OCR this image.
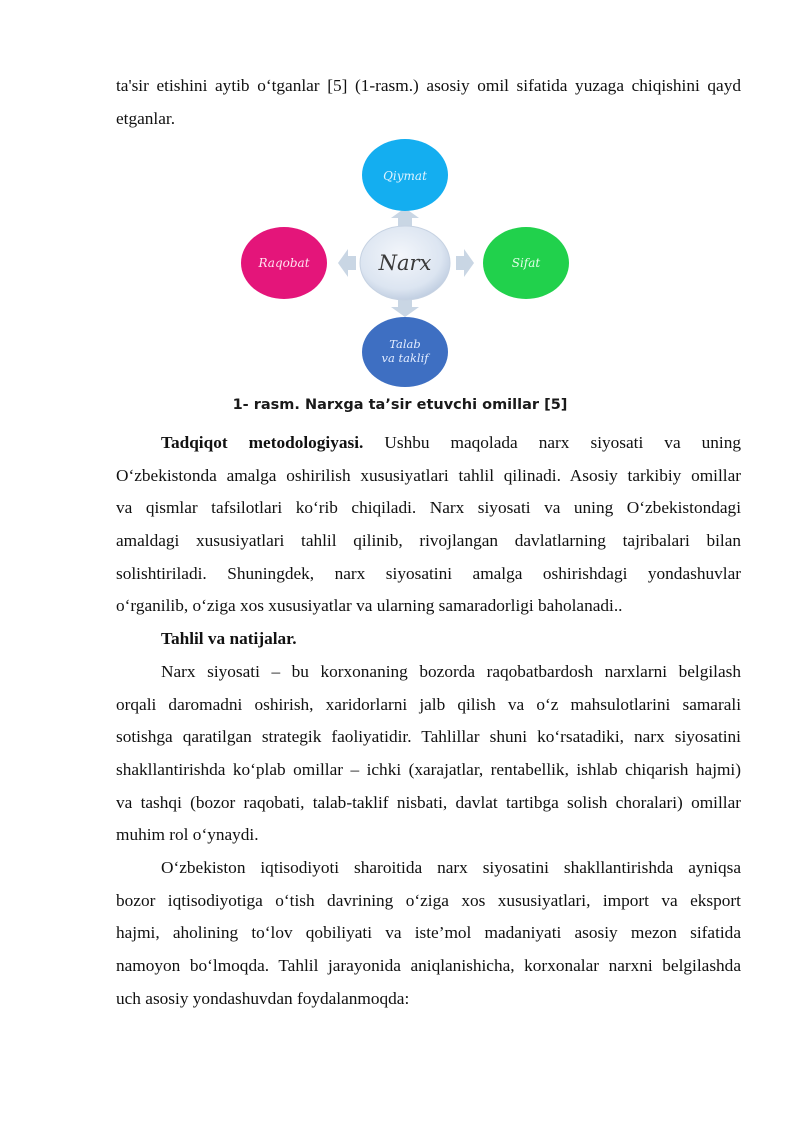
ta'sir etishini aytib o‘tganlar [5] (1-rasm.) asosiy omil sifatida yuzaga chiqishini qayd
etganlar.
Qiymat
Sifat
Talab
va taklif
Raqobat	Narx
1- rasm. Narxga ta’sir etuvchi omillar [5]
Tadqiqot metodologiyasi. Ushbu maqolada narx siyosati va uning
O‘zbekistonda amalga oshirilish xususiyatlari tahlil qilinadi. Asosiy tarkibiy omillar
va qismlar tafsilotlari ko‘rib chiqiladi. Narx siyosati va uning O‘zbekistondagi
amaldagi xususiyatlari tahlil qilinib, rivojlangan davlatlarning tajribalari bilan
solishtiriladi. Shuningdek, narx siyosatini amalga oshirishdagi yondashuvlar
o‘rganilib, o‘ziga xos xususiyatlar va ularning samaradorligi baholanadi..
Tahlil va natijalar.
Narx siyosati – bu korxonaning bozorda raqobatbardosh narxlarni belgilash
orqali daromadni oshirish, xaridorlarni jalb qilish va o‘z mahsulotlarini samarali
sotishga qaratilgan strategik faoliyatidir. Tahlillar shuni ko‘rsatadiki, narx siyosatini
shakllantirishda ko‘plab omillar – ichki (xarajatlar, rentabellik, ishlab chiqarish hajmi)
va tashqi (bozor raqobati, talab-taklif nisbati, davlat tartibga solish choralari) omillar
muhim rol o‘ynaydi.
O‘zbekiston iqtisodiyoti sharoitida narx siyosatini shakllantirishda ayniqsa
bozor iqtisodiyotiga o‘tish davrining o‘ziga xos xususiyatlari, import va eksport
hajmi, aholining to‘lov qobiliyati va iste’mol madaniyati asosiy mezon sifatida
namoyon bo‘lmoqda. Tahlil jarayonida aniqlanishicha, korxonalar narxni belgilashda
uch asosiy yondashuvdan foydalanmoqda:
